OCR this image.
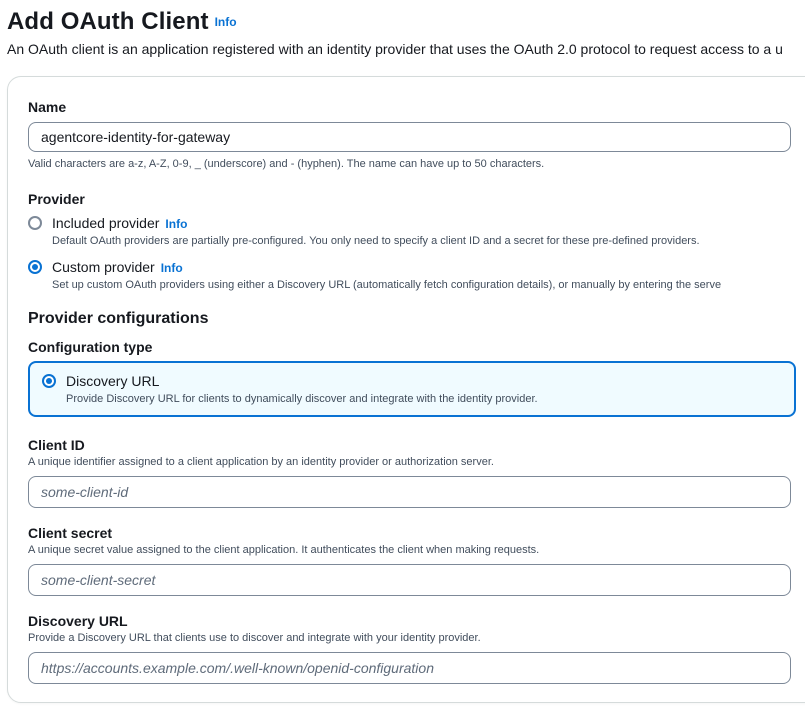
Add OAuth Client Info
An OAuth client is an application registered with an identity provider that uses the OAuth 2.0 protocol to request access to a u
Name
agentcore-identity-for-gateway
Valid characters are a-z, A-Z, 0-9, _ (underscore) and - (hyphen). The name can have up to 50 characters.
Provider
Included provider Info
Default OAuth providers are partially pre-configured. You only need to specify a client ID and a secret for these pre-defined providers.
Custom provider Info
Set up custom OAuth providers using either a Discovery URL (automatically fetch configuration details), or manually by entering the serve
Provider configurations
Configuration type
Discovery URL
Provide Discovery URL for clients to dynamically discover and integrate with the identity provider.
Client ID
A unique identifier assigned to a client application by an identity provider or authorization server.
some-client-id
Client secret
A unique secret value assigned to the client application. It authenticates the client when making requests.
some-client-secret
Discovery URL
Provide a Discovery URL that clients use to discover and integrate with your identity provider.
https://accounts.example.com/.well-known/openid-configuration
